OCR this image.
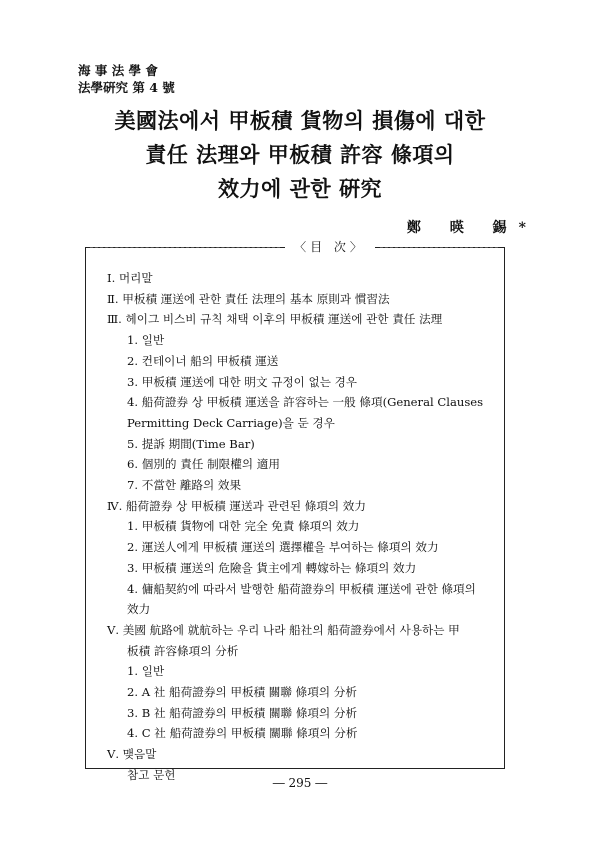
海 事 法 學 會
法學硏究 第 4 號
美國法에서 甲板積 貨物의 損傷에 대한
責任 法理와 甲板積 許容 條項의
效力에 관한 硏究
鄭 暎 錫*
〈目 次〉
Ⅰ. 머리말
Ⅱ. 甲板積 運送에 관한 責任 法理의 基本 原則과 慣習法
Ⅲ. 헤이그 비스비 규칙 채택 이후의 甲板積 運送에 관한 責任 法理
1. 일반
2. 컨테이너 船의 甲板積 運送
3. 甲板積 運送에 대한 明文 규정이 없는 경우
4. 船荷證券 상 甲板積 運送을 許容하는 一般 條項(General Clauses
Permitting Deck Carriage)을 둔 경우
5. 提訴 期間(Time Bar)
6. 個別的 責任 制限權의 適用
7. 不當한 離路의 效果
Ⅳ. 船荷證券 상 甲板積 運送과 관련된 條項의 效力
1. 甲板積 貨物에 대한 完全 免責 條項의 效力
2. 運送人에게 甲板積 運送의 選擇權을 부여하는 條項의 效力
3. 甲板積 運送의 危險을 貨主에게 轉嫁하는 條項의 效力
4. 傭船契約에 따라서 발행한 船荷證券의 甲板積 運送에 관한 條項의
效力
Ⅴ. 美國 航路에 就航하는 우리 나라 船社의 船荷證券에서 사용하는 甲
板積 許容條項의 分析
1. 일반
2. A 社 船荷證券의 甲板積 關聯 條項의 分析
3. B 社 船荷證券의 甲板積 關聯 條項의 分析
4. C 社 船荷證券의 甲板積 關聯 條項의 分析
Ⅴ. 맺음말
참고 문헌
― 295 ―
